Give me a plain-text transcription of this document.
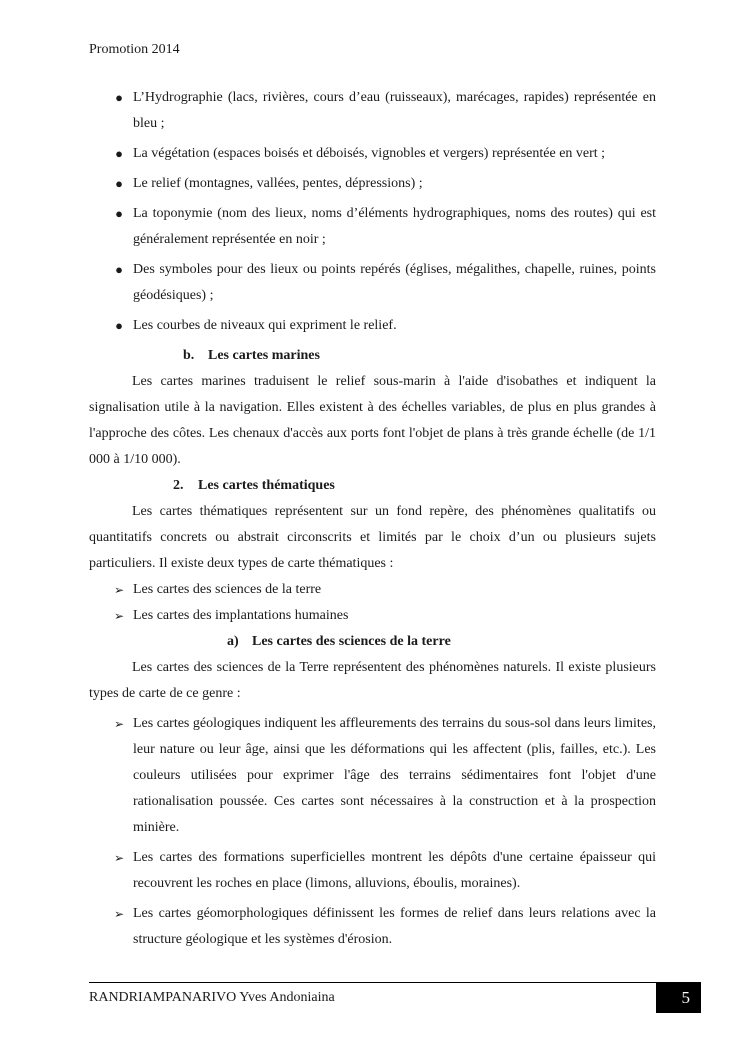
Promotion 2014
● L’Hydrographie (lacs, rivières, cours d’eau (ruisseaux), marécages, rapides) représentée en bleu ;
● La végétation (espaces boisés et déboisés, vignobles et vergers) représentée en vert ;
● Le relief (montagnes, vallées, pentes, dépressions) ;
● La toponymie (nom des lieux, noms d’éléments hydrographiques, noms des routes) qui est généralement représentée en noir ;
● Des symboles pour des lieux ou points repérés (églises, mégalithes, chapelle, ruines, points géodésiques) ;
● Les courbes de niveaux qui expriment le relief.
b. Les cartes marines

Les cartes marines traduisent le relief sous-marin à l'aide d'isobathes et indiquent la signalisation utile à la navigation. Elles existent à des échelles variables, de plus en plus grandes à l'approche des côtes. Les chenaux d'accès aux ports font l'objet de plans à très grande échelle (de 1/1 000 à 1/10 000).

2. Les cartes thématiques

Les cartes thématiques représentent sur un fond repère, des phénomènes qualitatifs ou quantitatifs concrets ou abstrait circonscrits et limités par le choix d’un ou plusieurs sujets particuliers. Il existe deux types de carte thématiques :

➢ Les cartes des sciences de la terre
➢ Les cartes des implantations humaines
a) Les cartes des sciences de la terre

Les cartes des sciences de la Terre représentent des phénomènes naturels. Il existe plusieurs types de carte de ce genre :

➢ Les cartes géologiques indiquent les affleurements des terrains du sous-sol dans leurs limites, leur nature ou leur âge, ainsi que les déformations qui les affectent (plis, failles, etc.). Les couleurs utilisées pour exprimer l'âge des terrains sédimentaires font l'objet d'une rationalisation poussée. Ces cartes sont nécessaires à la construction et à la prospection minière.
➢ Les cartes des formations superficielles montrent les dépôts d'une certaine épaisseur qui recouvrent les roches en place (limons, alluvions, éboulis, moraines).
➢ Les cartes géomorphologiques définissent les formes de relief dans leurs relations avec la structure géologique et les systèmes d'érosion.
RANDRIAMPANARIVO Yves Andoniaina	5
